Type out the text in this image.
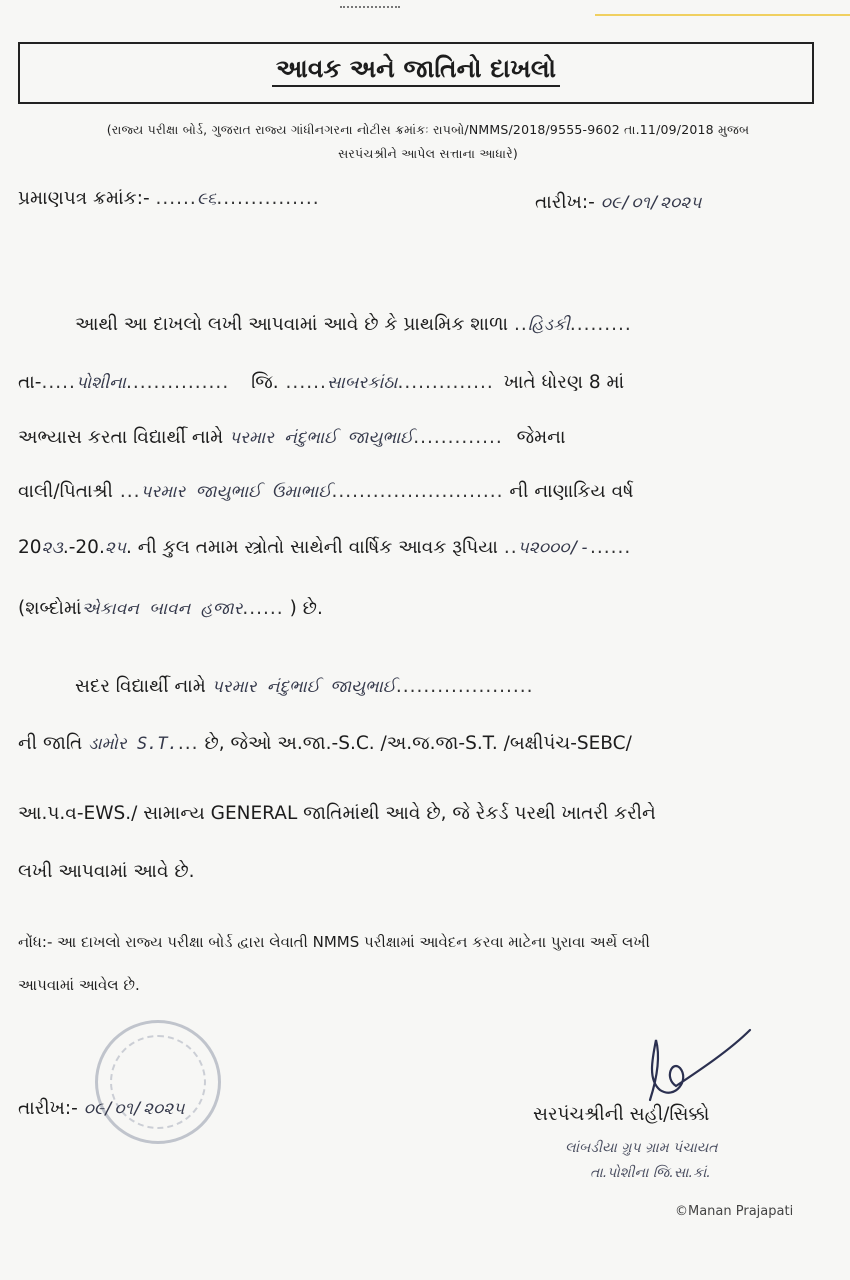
આવક અને જાતિનો દાખલો
(રાજ્ય પરીક્ષા બોર્ડ, ગુજરાત રાજ્ય ગાંધીનગરના નોટીસ ક્રમાંકઃ રાપબો/NMMS/2018/9555-9602 તા.11/09/2018 મુજબ
સરપંચશ્રીને આપેલ સત્તાના આધારે)
પ્રમાણપત્ર ક્રમાંક:- ......૯૬...............	તારીખ:- ૦૯/૦૧/૨૦૨૫
આથી આ દાખલો લખી આપવામાં આવે છે કે પ્રાથમિક શાળા ..હિડકી.........
તા-.....પોશીના............... જિ. ......સાબરકાંઠા.............. ખાતે ધોરણ 8 માં
અભ્યાસ કરતા વિદ્યાર્થી નામે પરમાર નંદુભાઈ જાયુભાઈ............. જેમના
વાલી/પિતાશ્રી ...પરમાર જાયુભાઈ ઉમાભાઈ......................... ની નાણાકિય વર્ષ
20૨૩.-20.૨૫. ની કુલ તમામ સ્ત્રોતો સાથેની વાર્ષિક આવક રૂપિયા ..૫૨૦૦૦/-......
(શબ્દોમાંએકાવન બાવન હજાર...... ) છે.
સદર વિદ્યાર્થી નામે પરમાર નંદુભાઈ જાયુભાઈ....................
ની જાતિ ડામોર S.T.... છે, જેઓ અ.જા.-S.C. /અ.જ.જા-S.T. /બક્ષીપંચ-SEBC/
આ.પ.વ-EWS./ સામાન્ય GENERAL જાતિમાંથી આવે છે, જે રેકર્ડ પરથી ખાતરી કરીને
લખી આપવામાં આવે છે.
નોંધ:- આ દાખલો રાજ્ય પરીક્ષા બોર્ડ દ્વારા લેવાતી NMMS પરીક્ષામાં આવેદન કરવા માટેના પુરાવા અર્થે લખી
આપવામાં આવેલ છે.
તારીખ:- ૦૯/૦૧/૨૦૨૫	સરપંચશ્રીની સહી/સિક્કો
લાંબડીયા ગ્રુપ ગ્રામ પંચાયત
તા.પોશીના જિ.સા.કાં.
©Manan Prajapati
